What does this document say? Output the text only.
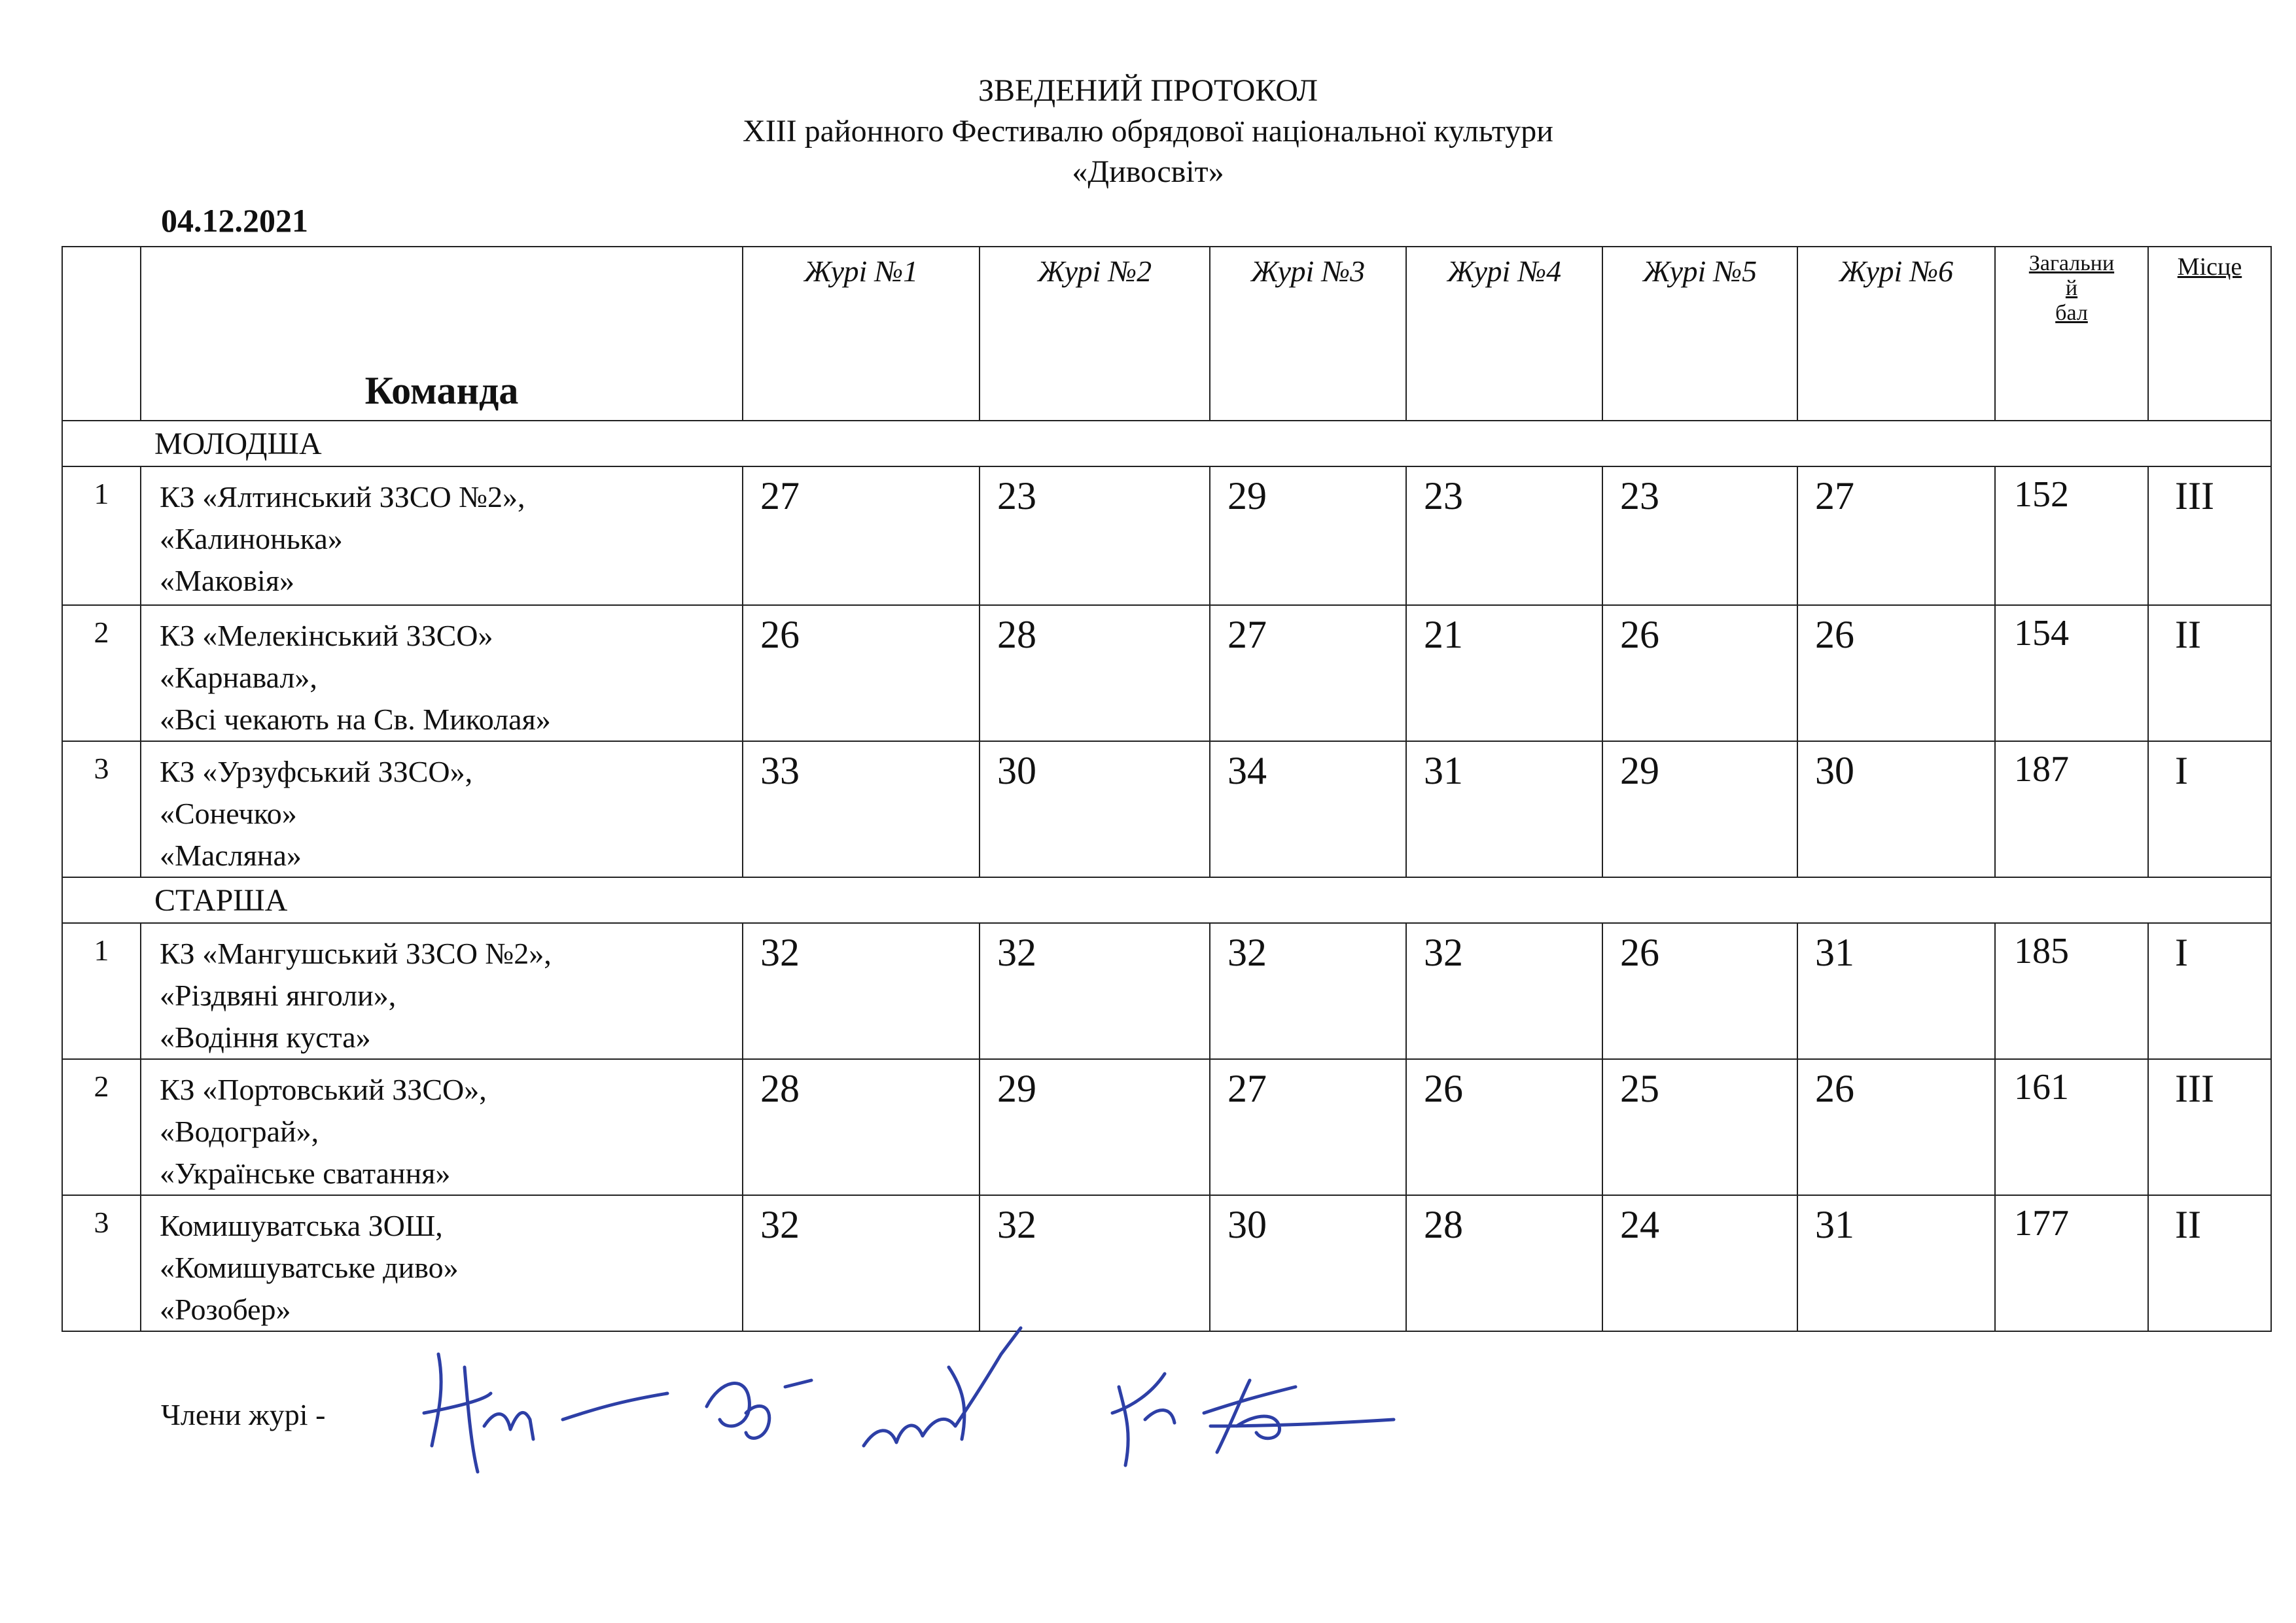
ЗВЕДЕНИЙ ПРОТОКОЛ
XIII районного Фестивалю обрядової національної культури
«Дивосвіт»
04.12.2021
	Команда	Журі №1	Журі №2	Журі №3	Журі №4	Журі №5	Журі №6	Загальни
й
бал	Місце
МОЛОДША									
1	КЗ «Ялтинський ЗЗСО №2»,
«Калинонька»
«Маковія»	27	23	29	23	23	27	152	III
2	КЗ «Мелекінський ЗЗСО»
«Карнавал»,
«Всі чекають на Св. Миколая»	26	28	27	21	26	26	154	II
3	КЗ «Урзуфський ЗЗСО»,
«Сонечко»
«Масляна»	33	30	34	31	29	30	187	I
СТАРША									
1	КЗ «Мангушський ЗЗСО №2»,
«Різдвяні янголи»,
«Водіння куста»	32	32	32	32	26	31	185	I
2	КЗ «Портовський ЗЗСО»,
«Водограй»,
«Українське сватання»	28	29	27	26	25	26	161	III
3	Комишуватська ЗОШ,
«Комишуватське диво»
«Розобер»	32	32	30	28	24	31	177	II
Члени журі -
